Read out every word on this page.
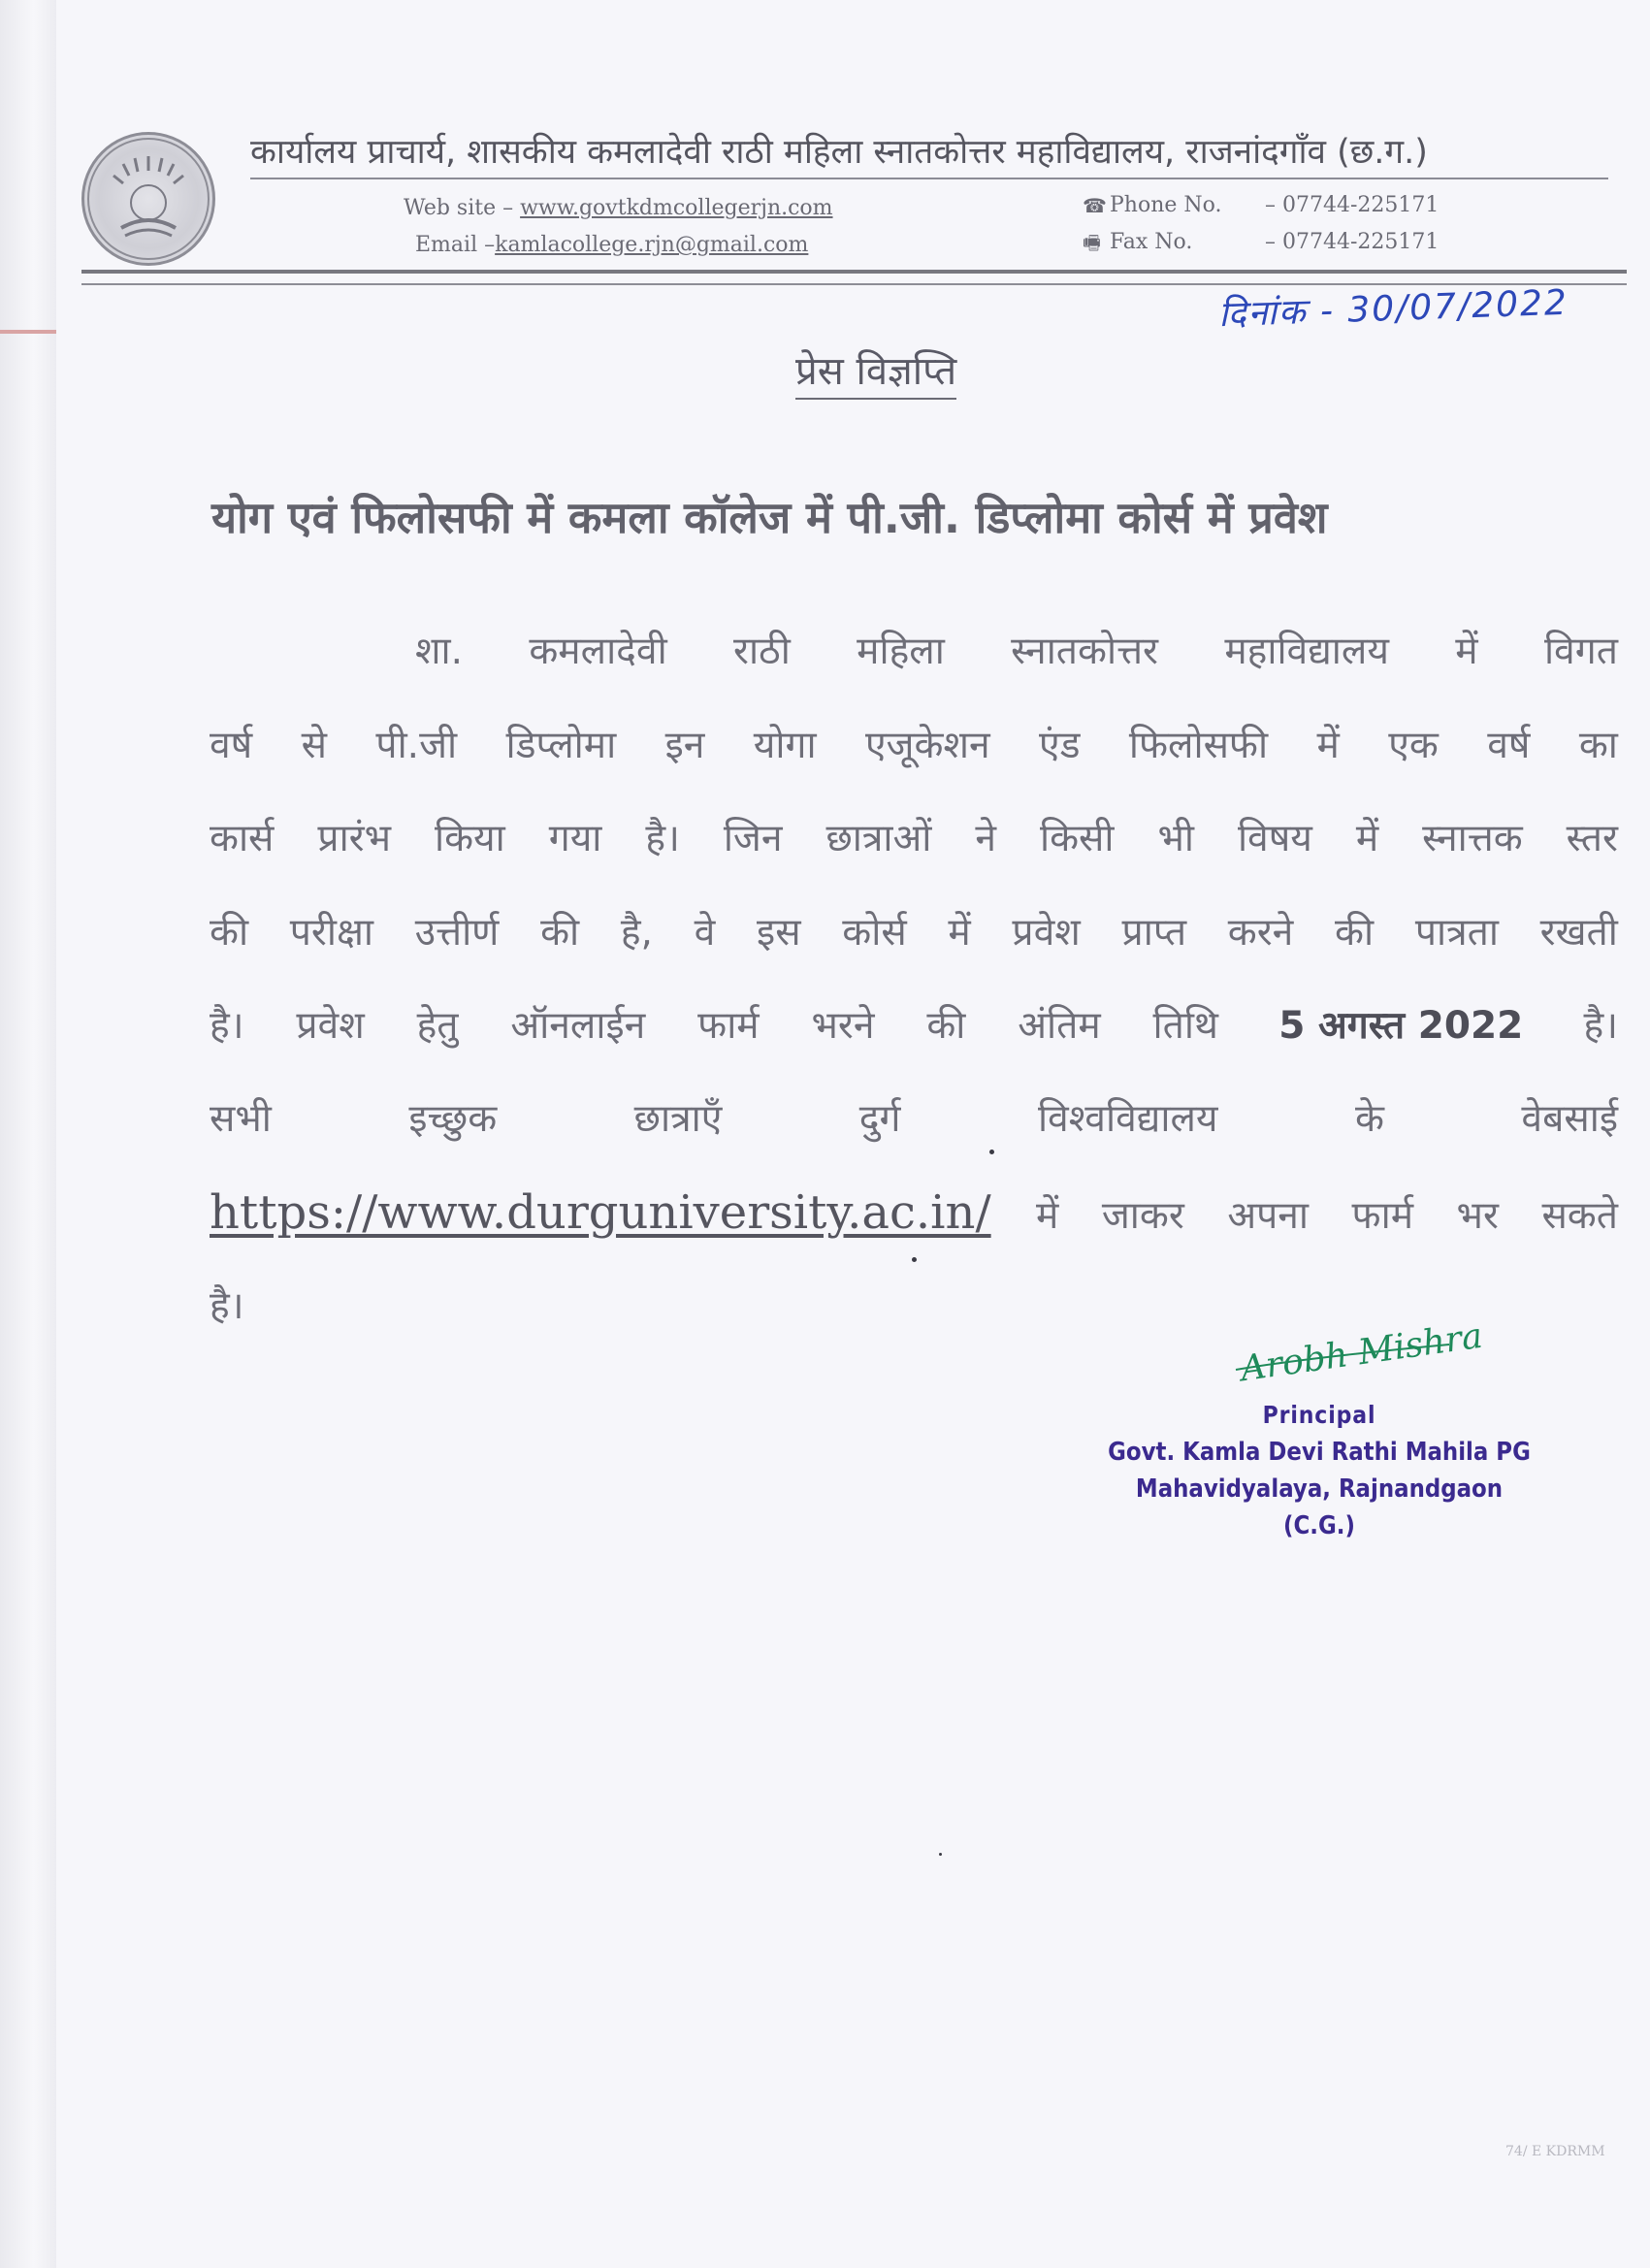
कार्यालय प्राचार्य, शासकीय कमलादेवी राठी महिला स्नातकोत्तर महाविद्यालय, राजनांदगाँव (छ.ग.)
Web site – www.govtkdmcollegerjn.com
Email –kamlacollege.rjn@gmail.com
☎ Phone No.	– 07744-225171
🖷 Fax No.	– 07744-225171
दिनांक - 30/07/2022
प्रेस विज्ञप्ति
योग एवं फिलोसफी में कमला कॉलेज में पी.जी. डिप्लोमा कोर्स में प्रवेश
शा. कमलादेवी राठी महिला स्नातकोत्तर महाविद्यालय में विगत
वर्ष से पी.जी डिप्लोमा इन योगा एजूकेशन एंड फिलोसफी में एक वर्ष का
कार्स प्रारंभ किया गया है। जिन छात्राओं ने किसी भी विषय में स्नात्तक स्तर
की परीक्षा उत्तीर्ण की है, वे इस कोर्स में प्रवेश प्राप्त करने की पात्रता रखती
है। प्रवेश हेतु ऑनलाईन फार्म भरने की अंतिम तिथि 5 अगस्त 2022 है।
सभी	इच्छुक	छात्राएँ	दुर्ग	विश्वविद्यालय	के	वेबसाई
https://www.durguniversity.ac.in/ में जाकर अपना फार्म भर सकते
है।
Arobh Mishra
Principal
Govt. Kamla Devi Rathi Mahila PG
Mahavidyalaya, Rajnandgaon (C.G.)
74/ E KDRMM
